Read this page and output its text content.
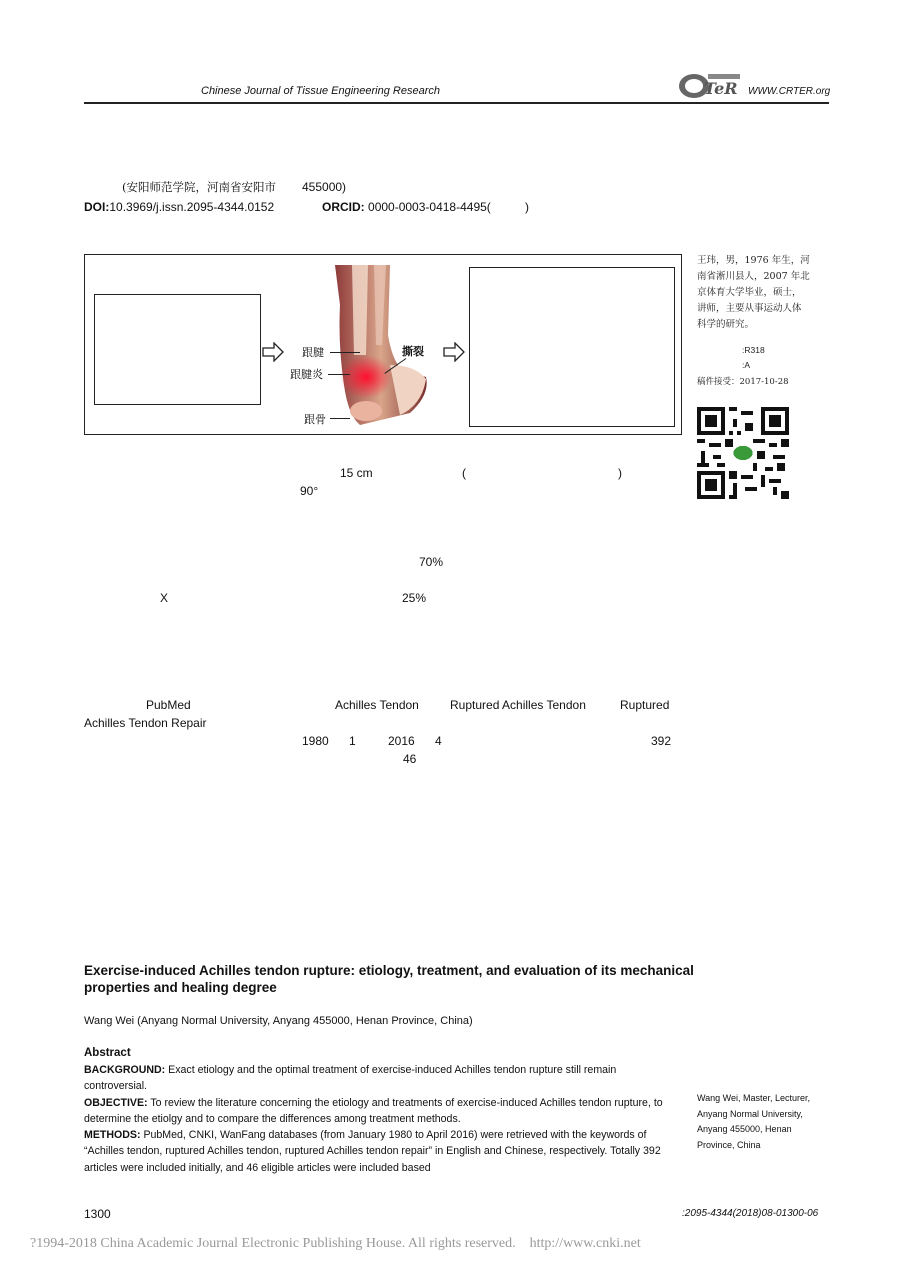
Chinese Journal of Tissue Engineering Research	TeR WWW.CRTER.org
(安阳师范学院，河南省安阳市 455000)
DOI:10.3969/j.issn.2095-4344.0152	ORCID: 0000-0003-0418-4495(	)
跟腱
跟腱炎
跟骨
撕裂
王玮，男，1976 年生，河
南省淅川县人，2007 年北
京体育大学毕业，硕士，
讲师，主要从事运动人体
科学的研究。
:R318
:A
稿件接受：2017-10-28
15 cm	(	)
90°
70%
X	25%
PubMed	Achilles Tendon	Ruptured Achilles Tendon	Ruptured
Achilles Tendon Repair
1980 1	2016 4	392
46
Exercise-induced Achilles tendon rupture: etiology, treatment, and evaluation of its mechanical properties and healing degree
Wang Wei (Anyang Normal University, Anyang 455000, Henan Province, China)
Abstract

BACKGROUND: Exact etiology and the optimal treatment of exercise-induced Achilles tendon rupture still remain controversial.

OBJECTIVE: To review the literature concerning the etiology and treatments of exercise-induced Achilles tendon rupture, to determine the etiolgy and to compare the differences among treatment methods.

METHODS: PubMed, CNKI, WanFang databases (from January 1980 to April 2016) were retrieved with the keywords of “Achilles tendon, ruptured Achilles tendon, ruptured Achilles tendon repair” in English and Chinese, respectively. Totally 392 articles were included initially, and 46 eligible articles were included based

Wang Wei, Master, Lecturer,
Anyang Normal University,
Anyang 455000, Henan
Province, China
1300	:2095-4344(2018)08-01300-06
?1994-2018 China Academic Journal Electronic Publishing House. All rights reserved. http://www.cnki.net
